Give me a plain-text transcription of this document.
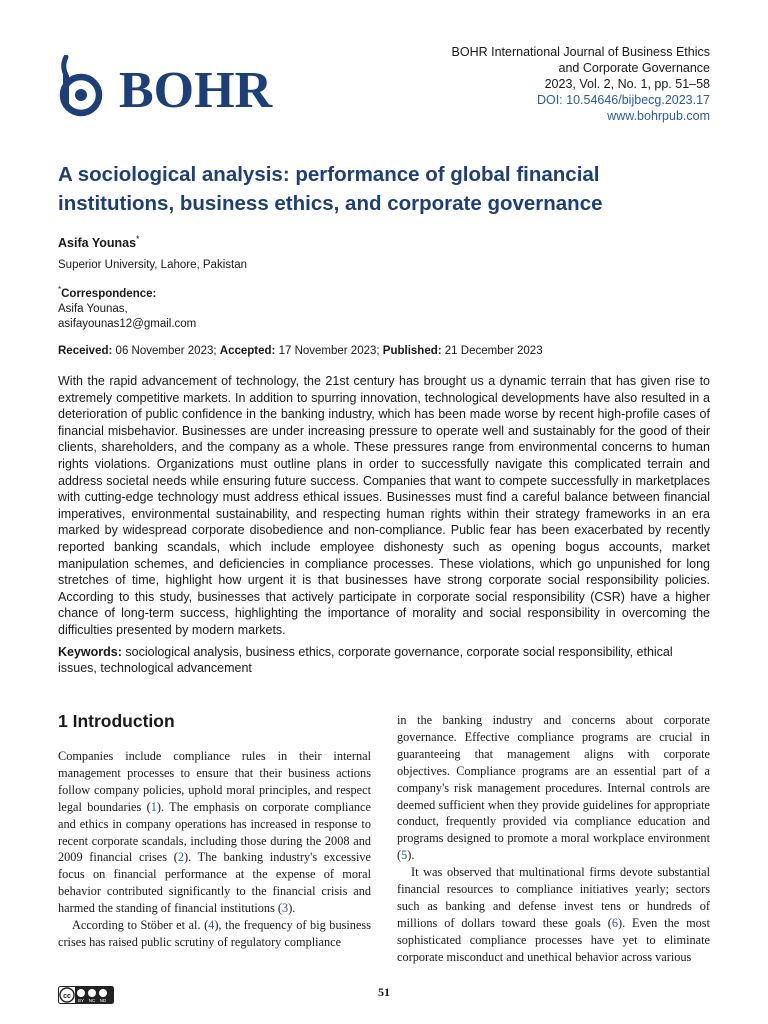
BOHR
BOHR International Journal of Business Ethics
and Corporate Governance
2023, Vol. 2, No. 1, pp. 51–58
DOI: 10.54646/bijbecg.2023.17
www.bohrpub.com
A sociological analysis: performance of global financial institutions, business ethics, and corporate governance
Asifa Younas*
Superior University, Lahore, Pakistan
*Correspondence:
Asifa Younas,
asifayounas12@gmail.com
Received: 06 November 2023; Accepted: 17 November 2023; Published: 21 December 2023

With the rapid advancement of technology, the 21st century has brought us a dynamic terrain that has given rise to extremely competitive markets. In addition to spurring innovation, technological developments have also resulted in a deterioration of public confidence in the banking industry, which has been made worse by recent high-profile cases of financial misbehavior. Businesses are under increasing pressure to operate well and sustainably for the good of their clients, shareholders, and the company as a whole. These pressures range from environmental concerns to human rights violations. Organizations must outline plans in order to successfully navigate this complicated terrain and address societal needs while ensuring future success. Companies that want to compete successfully in marketplaces with cutting-edge technology must address ethical issues. Businesses must find a careful balance between financial imperatives, environmental sustainability, and respecting human rights within their strategy frameworks in an era marked by widespread corporate disobedience and non-compliance. Public fear has been exacerbated by recently reported banking scandals, which include employee dishonesty such as opening bogus accounts, market manipulation schemes, and deficiencies in compliance processes. These violations, which go unpunished for long stretches of time, highlight how urgent it is that businesses have strong corporate social responsibility policies. According to this study, businesses that actively participate in corporate social responsibility (CSR) have a higher chance of long-term success, highlighting the importance of morality and social responsibility in overcoming the difficulties presented by modern markets.

Keywords: sociological analysis, business ethics, corporate governance, corporate social responsibility, ethical issues, technological advancement

1 Introduction

Companies include compliance rules in their internal management processes to ensure that their business actions follow company policies, uphold moral principles, and respect legal boundaries (1). The emphasis on corporate compliance and ethics in company operations has increased in response to recent corporate scandals, including those during the 2008 and 2009 financial crises (2). The banking industry's excessive focus on financial performance at the expense of moral behavior contributed significantly to the financial crisis and harmed the standing of financial institutions (3).

According to Stöber et al. (4), the frequency of big business crises has raised public scrutiny of regulatory compliance

in the banking industry and concerns about corporate governance. Effective compliance programs are crucial in guaranteeing that management aligns with corporate objectives. Compliance programs are an essential part of a company's risk management procedures. Internal controls are deemed sufficient when they provide guidelines for appropriate conduct, frequently provided via compliance education and programs designed to promote a moral workplace environment (5).

It was observed that multinational firms devote substantial financial resources to compliance initiatives yearly; sectors such as banking and defense invest tens or hundreds of millions of dollars toward these goals (6). Even the most sophisticated compliance processes have yet to eliminate corporate misconduct and unethical behavior across various

cc
BY NC ND
51
